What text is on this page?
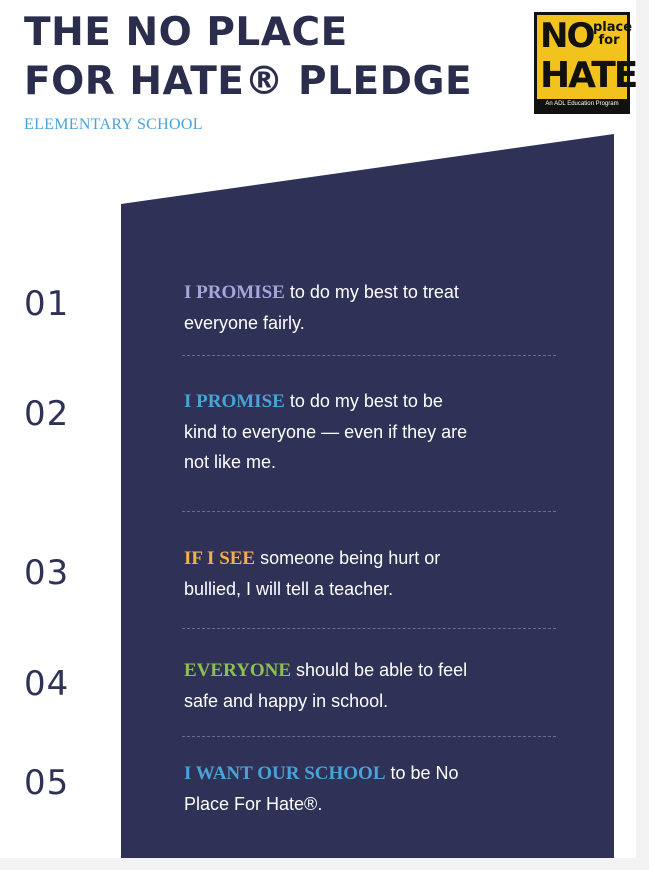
THE NO PLACE
FOR HATE® PLEDGE
ELEMENTARY SCHOOL
NO place
for
HATE
An ADL Education Program
01	I PROMISE to do my best to treat
everyone fairly.
02	I PROMISE to do my best to be
kind to everyone — even if they are
not like me.
03	IF I SEE someone being hurt or
bullied, I will tell a teacher.
04	EVERYONE should be able to feel
safe and happy in school.
05	I WANT OUR SCHOOL to be No
Place For Hate®.
